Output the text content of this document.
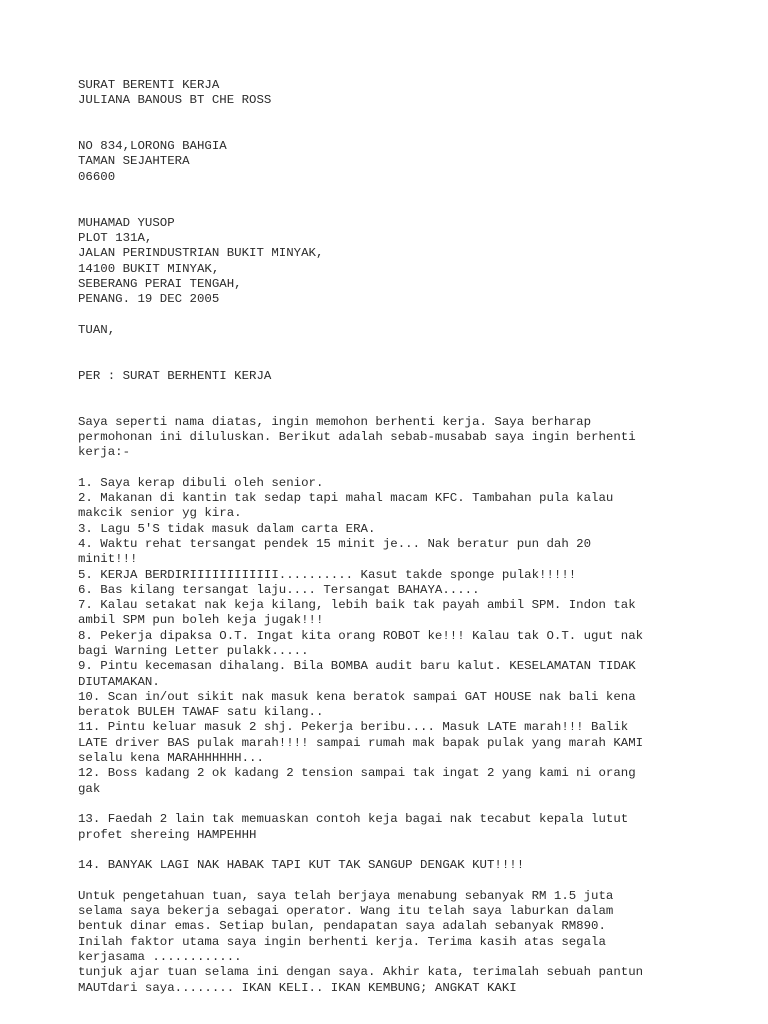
SURAT BERENTI KERJA
JULIANA BANOUS BT CHE ROSS
NO 834,LORONG BAHGIA
TAMAN SEJAHTERA
06600
MUHAMAD YUSOP
PLOT 131A,
JALAN PERINDUSTRIAN BUKIT MINYAK,
14100 BUKIT MINYAK,
SEBERANG PERAI TENGAH,
PENANG. 19 DEC 2005
TUAN,
PER : SURAT BERHENTI KERJA
Saya seperti nama diatas, ingin memohon berhenti kerja. Saya berharap
permohonan ini diluluskan. Berikut adalah sebab-musabab saya ingin berhenti
kerja:-
1. Saya kerap dibuli oleh senior.
2. Makanan di kantin tak sedap tapi mahal macam KFC. Tambahan pula kalau
makcik senior yg kira.
3. Lagu 5'S tidak masuk dalam carta ERA.
4. Waktu rehat tersangat pendek 15 minit je... Nak beratur pun dah 20
minit!!!
5. KERJA BERDIRIIIIIIIIIIII.......... Kasut takde sponge pulak!!!!!
6. Bas kilang tersangat laju.... Tersangat BAHAYA.....
7. Kalau setakat nak keja kilang, lebih baik tak payah ambil SPM. Indon tak
ambil SPM pun boleh keja jugak!!!
8. Pekerja dipaksa O.T. Ingat kita orang ROBOT ke!!! Kalau tak O.T. ugut nak
bagi Warning Letter pulakk.....
9. Pintu kecemasan dihalang. Bila BOMBA audit baru kalut. KESELAMATAN TIDAK
DIUTAMAKAN.
10. Scan in/out sikit nak masuk kena beratok sampai GAT HOUSE nak bali kena
beratok BULEH TAWAF satu kilang..
11. Pintu keluar masuk 2 shj. Pekerja beribu.... Masuk LATE marah!!! Balik
LATE driver BAS pulak marah!!!! sampai rumah mak bapak pulak yang marah KAMI
selalu kena MARAHHHHHH...
12. Boss kadang 2 ok kadang 2 tension sampai tak ingat 2 yang kami ni orang
gak
13. Faedah 2 lain tak memuaskan contoh keja bagai nak tecabut kepala lutut
profet shereing HAMPEHHH
14. BANYAK LAGI NAK HABAK TAPI KUT TAK SANGUP DENGAK KUT!!!!
Untuk pengetahuan tuan, saya telah berjaya menabung sebanyak RM 1.5 juta
selama saya bekerja sebagai operator. Wang itu telah saya laburkan dalam
bentuk dinar emas. Setiap bulan, pendapatan saya adalah sebanyak RM890.
Inilah faktor utama saya ingin berhenti kerja. Terima kasih atas segala
kerjasama ............
tunjuk ajar tuan selama ini dengan saya. Akhir kata, terimalah sebuah pantun
MAUTdari saya........ IKAN KELI.. IKAN KEMBUNG; ANGKAT KAKI
